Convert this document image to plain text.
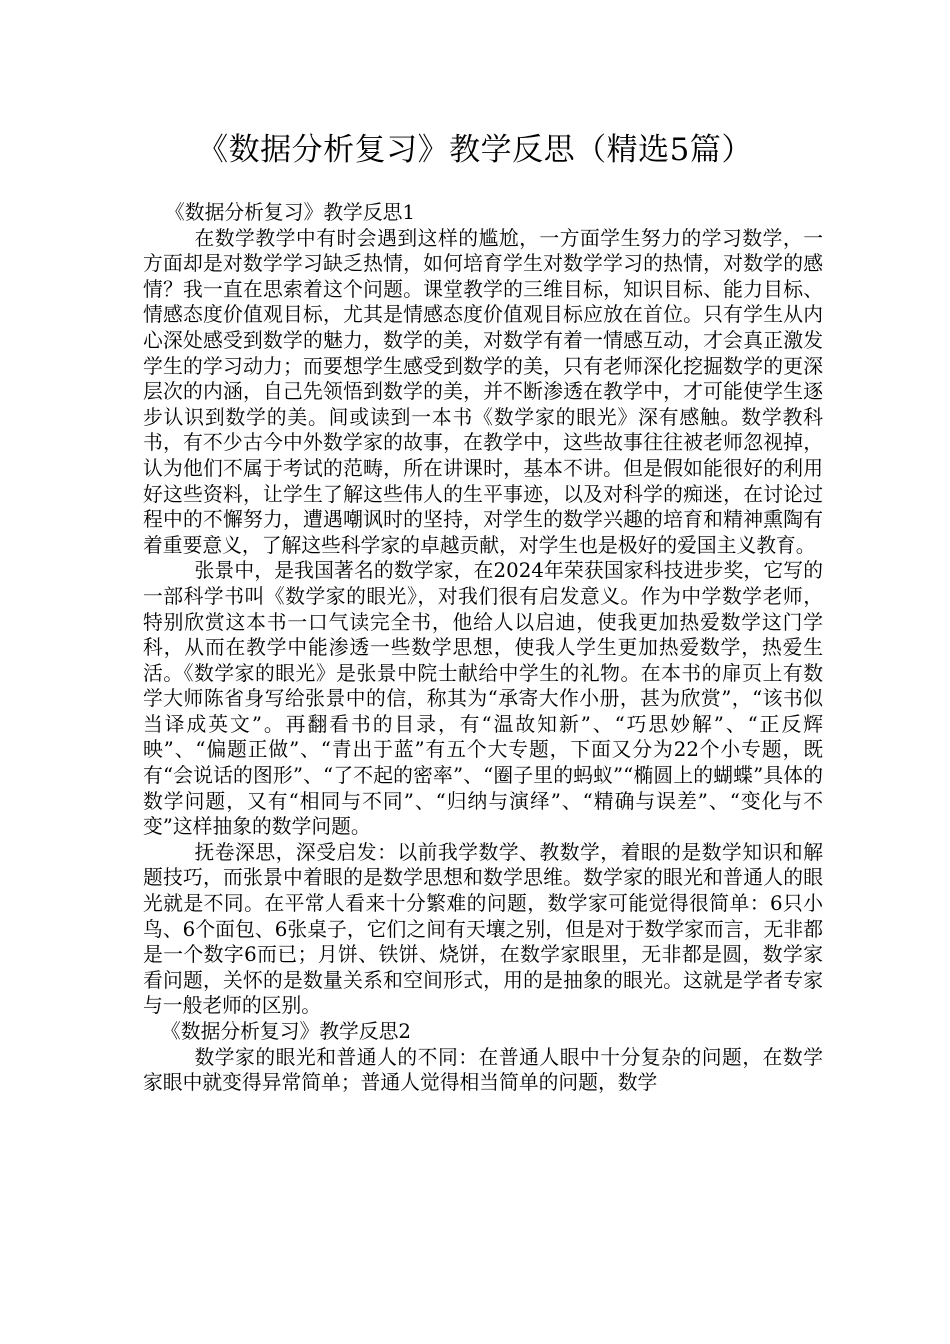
《数据分析复习》教学反思（精选5篇）
《数据分析复习》教学反思1

在数学教学中有时会遇到这样的尴尬，一方面学生努力的学习数学，一方面却是对数学学习缺乏热情，如何培育学生对数学学习的热情，对数学的感情？我一直在思索着这个问题。课堂教学的三维目标，知识目标、能力目标、情感态度价值观目标，尤其是情感态度价值观目标应放在首位。只有学生从内心深处感受到数学的魅力，数学的美，对数学有着一情感互动，才会真正激发学生的学习动力；而要想学生感受到数学的美，只有老师深化挖掘数学的更深层次的内涵，自己先领悟到数学的美，并不断渗透在教学中，才可能使学生逐步认识到数学的美。间或读到一本书《数学家的眼光》深有感触。数学教科书，有不少古今中外数学家的故事，在教学中，这些故事往往被老师忽视掉，认为他们不属于考试的范畴，所在讲课时，基本不讲。但是假如能很好的利用好这些资料，让学生了解这些伟人的生平事迹，以及对科学的痴迷，在讨论过程中的不懈努力，遭遇嘲讽时的坚持，对学生的数学兴趣的培育和精神熏陶有着重要意义，了解这些科学家的卓越贡献，对学生也是极好的爱国主义教育。

张景中，是我国著名的数学家，在2024年荣获国家科技进步奖，它写的一部科学书叫《数学家的眼光》，对我们很有启发意义。作为中学数学老师，特别欣赏这本书一口气读完全书，他给人以启迪，使我更加热爱数学这门学科，从而在教学中能渗透一些数学思想，使我人学生更加热爱数学，热爱生活。《数学家的眼光》是张景中院士献给中学生的礼物。在本书的扉页上有数学大师陈省身写给张景中的信，称其为“承寄大作小册，甚为欣赏”，“该书似当译成英文”。再翻看书的目录，有“温故知新”、“巧思妙解”、“正反辉映”、“偏题正做”、“青出于蓝”有五个大专题，下面又分为22个小专题，既有“会说话的图形”、“了不起的密率”、“圈子里的蚂蚁”“椭圆上的蝴蝶”具体的数学问题，又有“相同与不同”、“归纳与演绎”、“精确与误差”、“变化与不变”这样抽象的数学问题。

抚卷深思，深受启发：以前我学数学、教数学，着眼的是数学知识和解题技巧，而张景中着眼的是数学思想和数学思维。数学家的眼光和普通人的眼光就是不同。在平常人看来十分繁难的问题，数学家可能觉得很简单：6只小鸟、6个面包、6张桌子，它们之间有天壤之别，但是对于数学家而言，无非都是一个数字6而已；月饼、铁饼、烧饼，在数学家眼里，无非都是圆，数学家看问题，关怀的是数量关系和空间形式，用的是抽象的眼光。这就是学者专家与一般老师的区别。

《数据分析复习》教学反思2

数学家的眼光和普通人的不同：在普通人眼中十分复杂的问题，在数学家眼中就变得异常简单；普通人觉得相当简单的问题，数学
